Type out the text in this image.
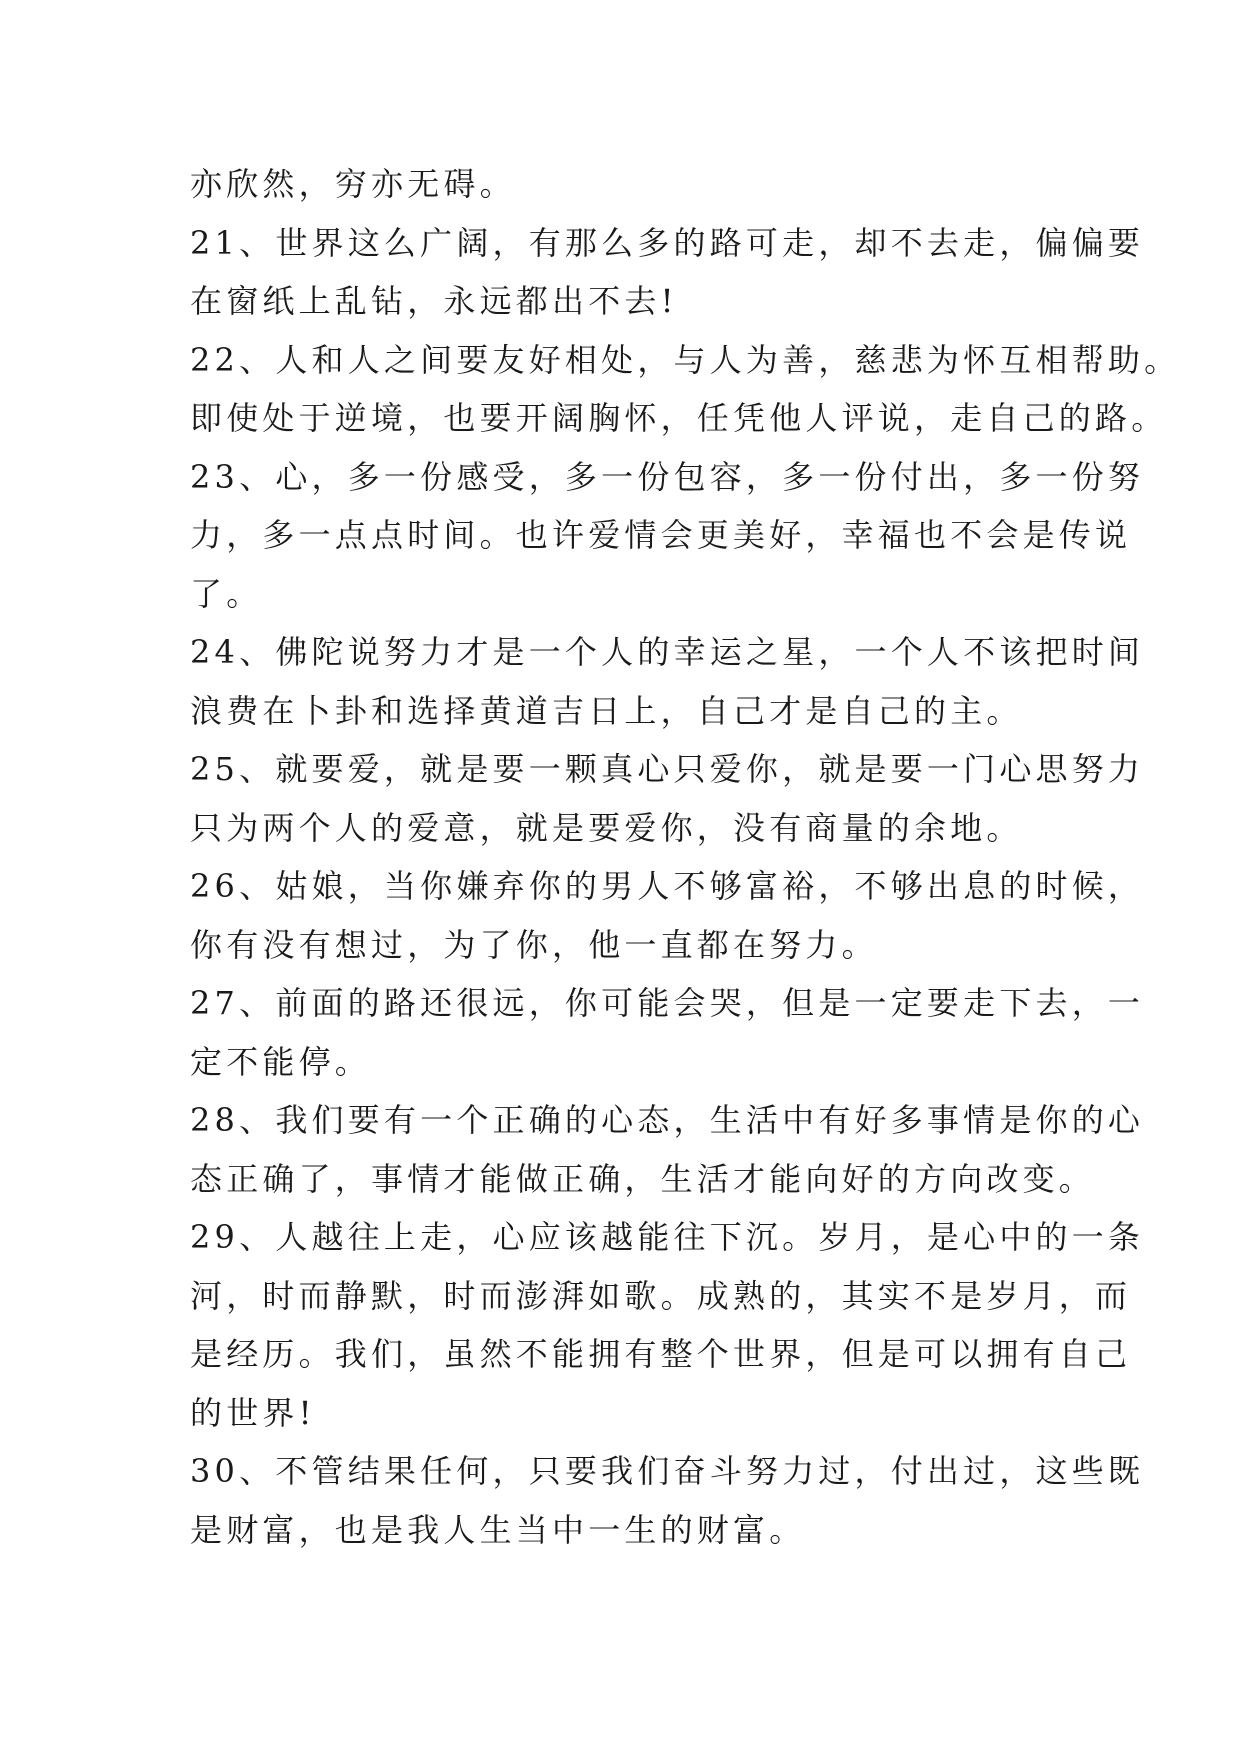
亦欣然，穷亦无碍。
21、世界这么广阔，有那么多的路可走，却不去走，偏偏要
在窗纸上乱钻，永远都出不去!
22、人和人之间要友好相处，与人为善，慈悲为怀互相帮助。
即使处于逆境，也要开阔胸怀，任凭他人评说，走自己的路。
23、心，多一份感受，多一份包容，多一份付出，多一份努
力，多一点点时间。也许爱情会更美好，幸福也不会是传说
了。
24、佛陀说努力才是一个人的幸运之星，一个人不该把时间
浪费在卜卦和选择黄道吉日上，自己才是自己的主。
25、就要爱，就是要一颗真心只爱你，就是要一门心思努力
只为两个人的爱意，就是要爱你，没有商量的余地。
26、姑娘，当你嫌弃你的男人不够富裕，不够出息的时候，
你有没有想过，为了你，他一直都在努力。
27、前面的路还很远，你可能会哭，但是一定要走下去，一
定不能停。
28、我们要有一个正确的心态，生活中有好多事情是你的心
态正确了，事情才能做正确，生活才能向好的方向改变。
29、人越往上走，心应该越能往下沉。岁月，是心中的一条
河，时而静默，时而澎湃如歌。成熟的，其实不是岁月，而
是经历。我们，虽然不能拥有整个世界，但是可以拥有自己
的世界!
30、不管结果任何，只要我们奋斗努力过，付出过，这些既
是财富，也是我人生当中一生的财富。
